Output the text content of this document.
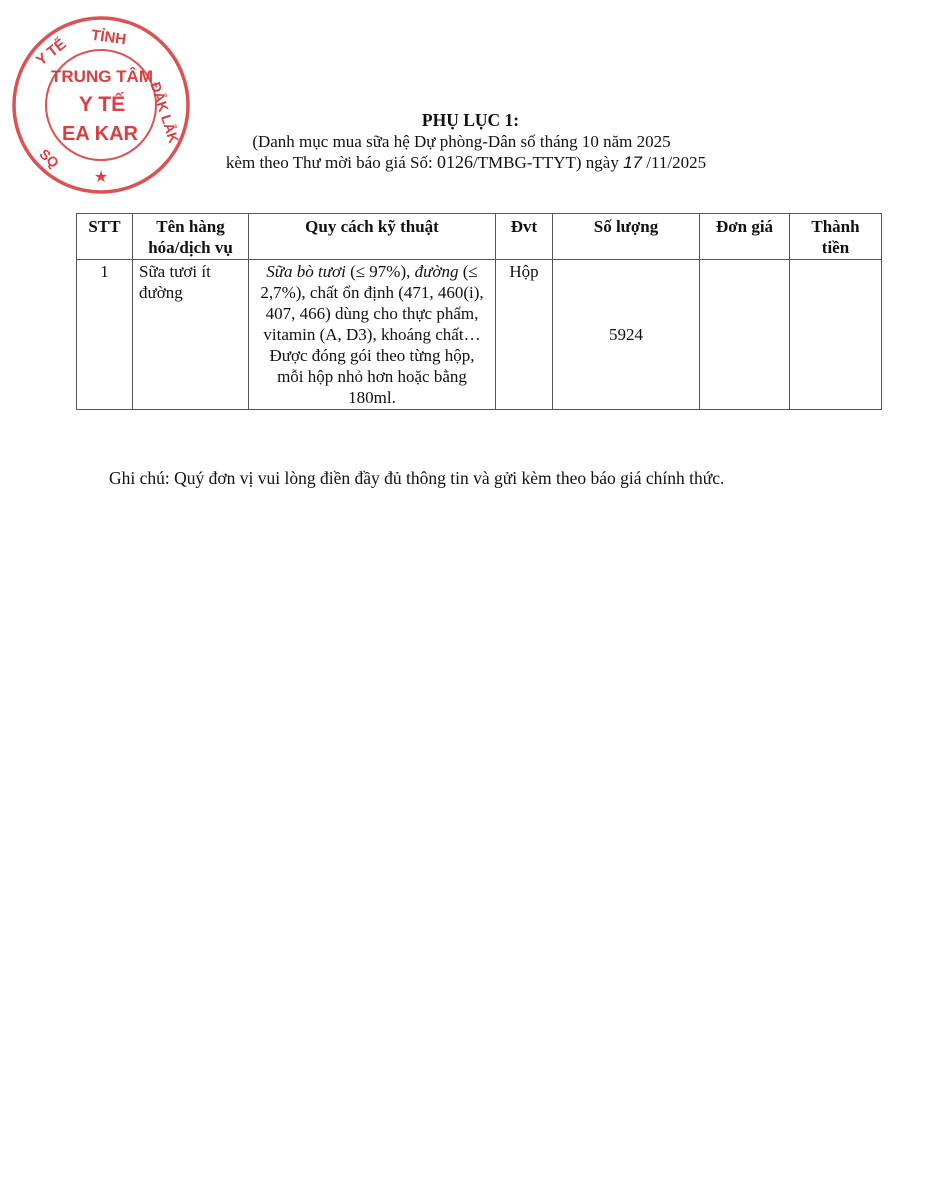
TỈNH
Y TẾ
ĐẮK LẮK
SQ
TRUNG TÂM
Y TẾ
EA KAR
★
PHỤ LỤC 1:
(Danh mục mua sữa hệ Dự phòng-Dân số tháng 10 năm 2025
kèm theo Thư mời báo giá Số: 0126/TMBG-TTYT) ngày 17 /11/2025
STT	Tên hàng hóa/dịch vụ	Quy cách kỹ thuật	Đvt	Số lượng	Đơn giá	Thành tiền
1	Sữa tươi ít đường	Sữa bò tươi (≤ 97%), đường (≤ 2,7%), chất ổn định (471, 460(i), 407, 466) dùng cho thực phẩm, vitamin (A, D3), khoáng chất…
Được đóng gói theo từng hộp, mỗi hộp nhỏ hơn hoặc bằng 180ml.	Hộp	5924		
Ghi chú: Quý đơn vị vui lòng điền đầy đủ thông tin và gửi kèm theo báo giá chính thức.
